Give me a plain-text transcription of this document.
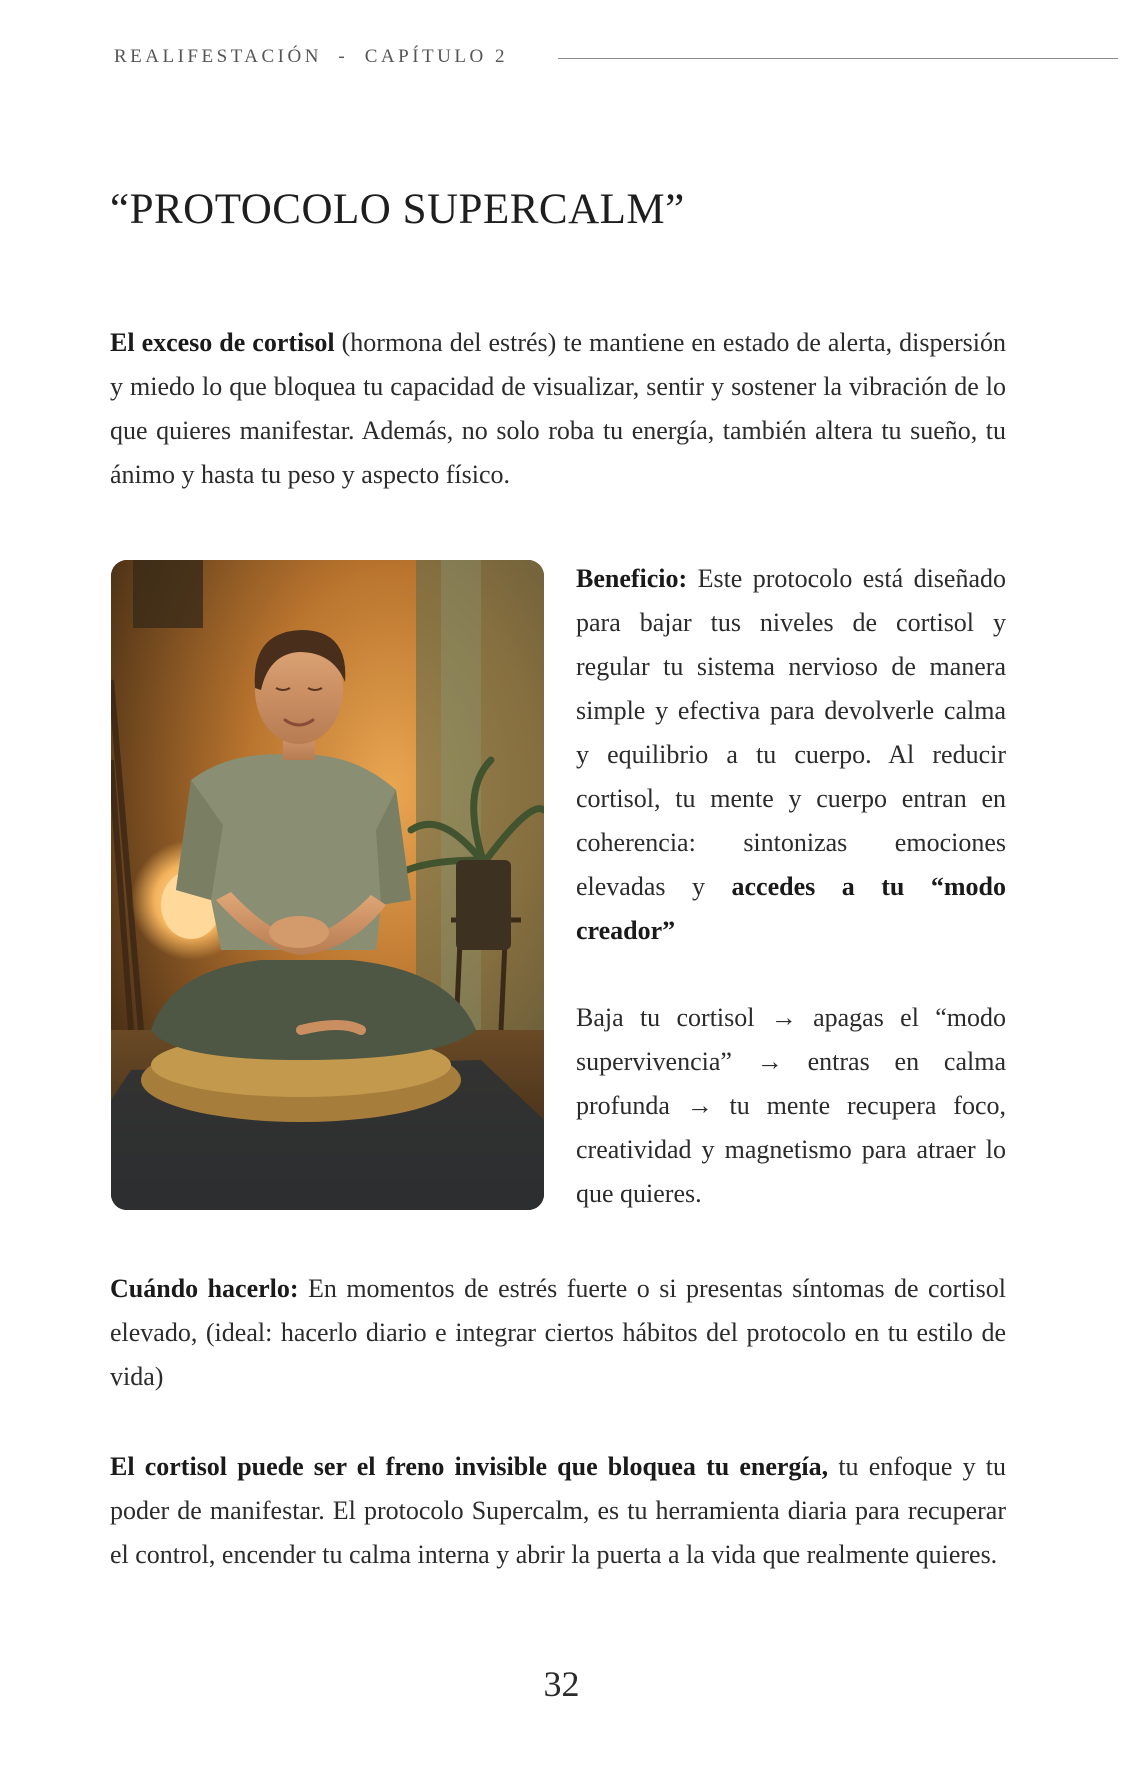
REALIFESTACIÓN - CAPÍTULO 2
“PROTOCOLO SUPERCALM”

El exceso de cortisol (hormona del estrés) te mantiene en estado de alerta, dispersión y miedo lo que bloquea tu capacidad de visualizar, sentir y sostener la vibración de lo que quieres manifestar. Además, no solo roba tu energía, también altera tu sueño, tu ánimo y hasta tu peso y aspecto físico.

Beneficio: Este protocolo está diseñado para bajar tus niveles de cortisol y regular tu sistema nervioso de manera simple y efectiva para devolverle calma y equilibrio a tu cuerpo. Al reducir cortisol, tu mente y cuerpo entran en coherencia: sintonizas emociones elevadas y accedes a tu “modo creador”

Baja tu cortisol → apagas el “modo supervivencia” → entras en calma profunda → tu mente recupera foco, creatividad y magnetismo para atraer lo que quieres.

Cuándo hacerlo: En momentos de estrés fuerte o si presentas síntomas de cortisol elevado, (ideal: hacerlo diario e integrar ciertos hábitos del protocolo en tu estilo de vida)

El cortisol puede ser el freno invisible que bloquea tu energía, tu enfoque y tu poder de manifestar. El protocolo Supercalm, es tu herramienta diaria para recuperar el control, encender tu calma interna y abrir la puerta a la vida que realmente quieres.

32
